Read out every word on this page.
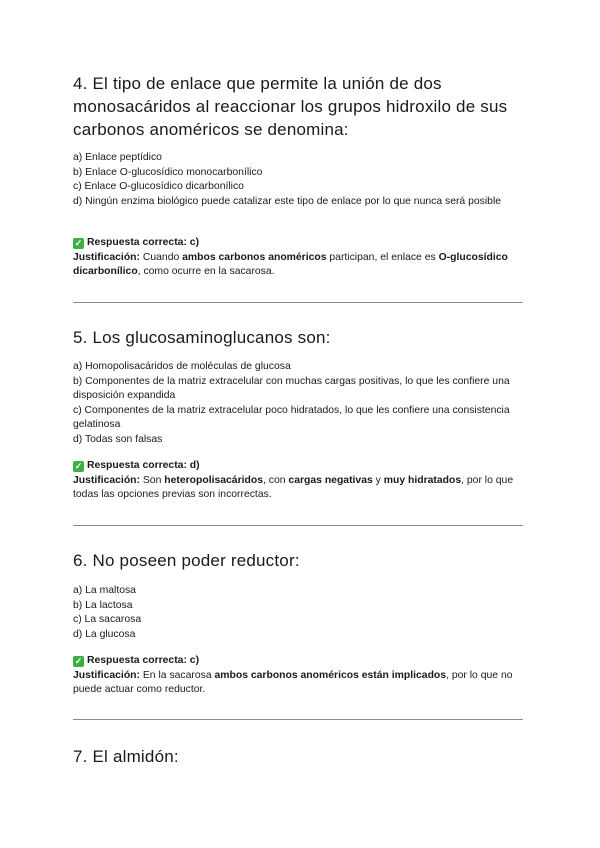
4. El tipo de enlace que permite la unión de dos monosacáridos al reaccionar los grupos hidroxilo de sus carbonos anoméricos se denomina:
a) Enlace peptídico
b) Enlace O-glucosídico monocarbonílico
c) Enlace O-glucosídico dicarbonílico
d) Ningún enzima biológico puede catalizar este tipo de enlace por lo que nunca será posible
✓ Respuesta correcta: c)
Justificación: Cuando ambos carbonos anoméricos participan, el enlace es O-glucosídico dicarbonílico, como ocurre en la sacarosa.
5. Los glucosaminoglucanos son:
a) Homopolisacáridos de moléculas de glucosa
b) Componentes de la matriz extracelular con muchas cargas positivas, lo que les confiere una disposición expandida
c) Componentes de la matriz extracelular poco hidratados, lo que les confiere una consistencia gelatinosa
d) Todas son falsas
✓ Respuesta correcta: d)
Justificación: Son heteropolisacáridos, con cargas negativas y muy hidratados, por lo que todas las opciones previas son incorrectas.
6. No poseen poder reductor:
a) La maltosa
b) La lactosa
c) La sacarosa
d) La glucosa
✓ Respuesta correcta: c)
Justificación: En la sacarosa ambos carbonos anoméricos están implicados, por lo que no puede actuar como reductor.
7. El almidón:
